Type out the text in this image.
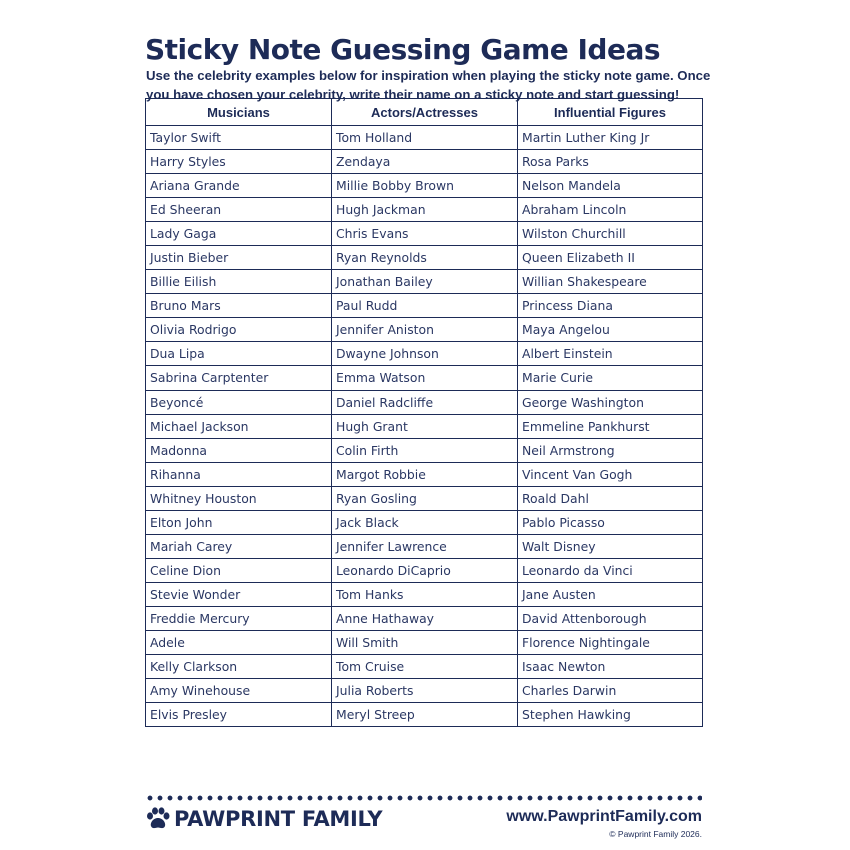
Sticky Note Guessing Game Ideas

Use the celebrity examples below for inspiration when playing the sticky note game. Once you have chosen your celebrity, write their name on a sticky note and start guessing!

Musicians	Actors/Actresses	Influential Figures
Taylor Swift	Tom Holland	Martin Luther King Jr
Harry Styles	Zendaya	Rosa Parks
Ariana Grande	Millie Bobby Brown	Nelson Mandela
Ed Sheeran	Hugh Jackman	Abraham Lincoln
Lady Gaga	Chris Evans	Wilston Churchill
Justin Bieber	Ryan Reynolds	Queen Elizabeth II
Billie Eilish	Jonathan Bailey	Willian Shakespeare
Bruno Mars	Paul Rudd	Princess Diana
Olivia Rodrigo	Jennifer Aniston	Maya Angelou
Dua Lipa	Dwayne Johnson	Albert Einstein
Sabrina Carptenter	Emma Watson	Marie Curie
Beyoncé	Daniel Radcliffe	George Washington
Michael Jackson	Hugh Grant	Emmeline Pankhurst
Madonna	Colin Firth	Neil Armstrong
Rihanna	Margot Robbie	Vincent Van Gogh
Whitney Houston	Ryan Gosling	Roald Dahl
Elton John	Jack Black	Pablo Picasso
Mariah Carey	Jennifer Lawrence	Walt Disney
Celine Dion	Leonardo DiCaprio	Leonardo da Vinci
Stevie Wonder	Tom Hanks	Jane Austen
Freddie Mercury	Anne Hathaway	David Attenborough
Adele	Will Smith	Florence Nightingale
Kelly Clarkson	Tom Cruise	Isaac Newton
Amy Winehouse	Julia Roberts	Charles Darwin
Elvis Presley	Meryl Streep	Stephen Hawking
PAWPRINT FAMILY	www.PawprintFamily.com
© Pawprint Family 2026.
